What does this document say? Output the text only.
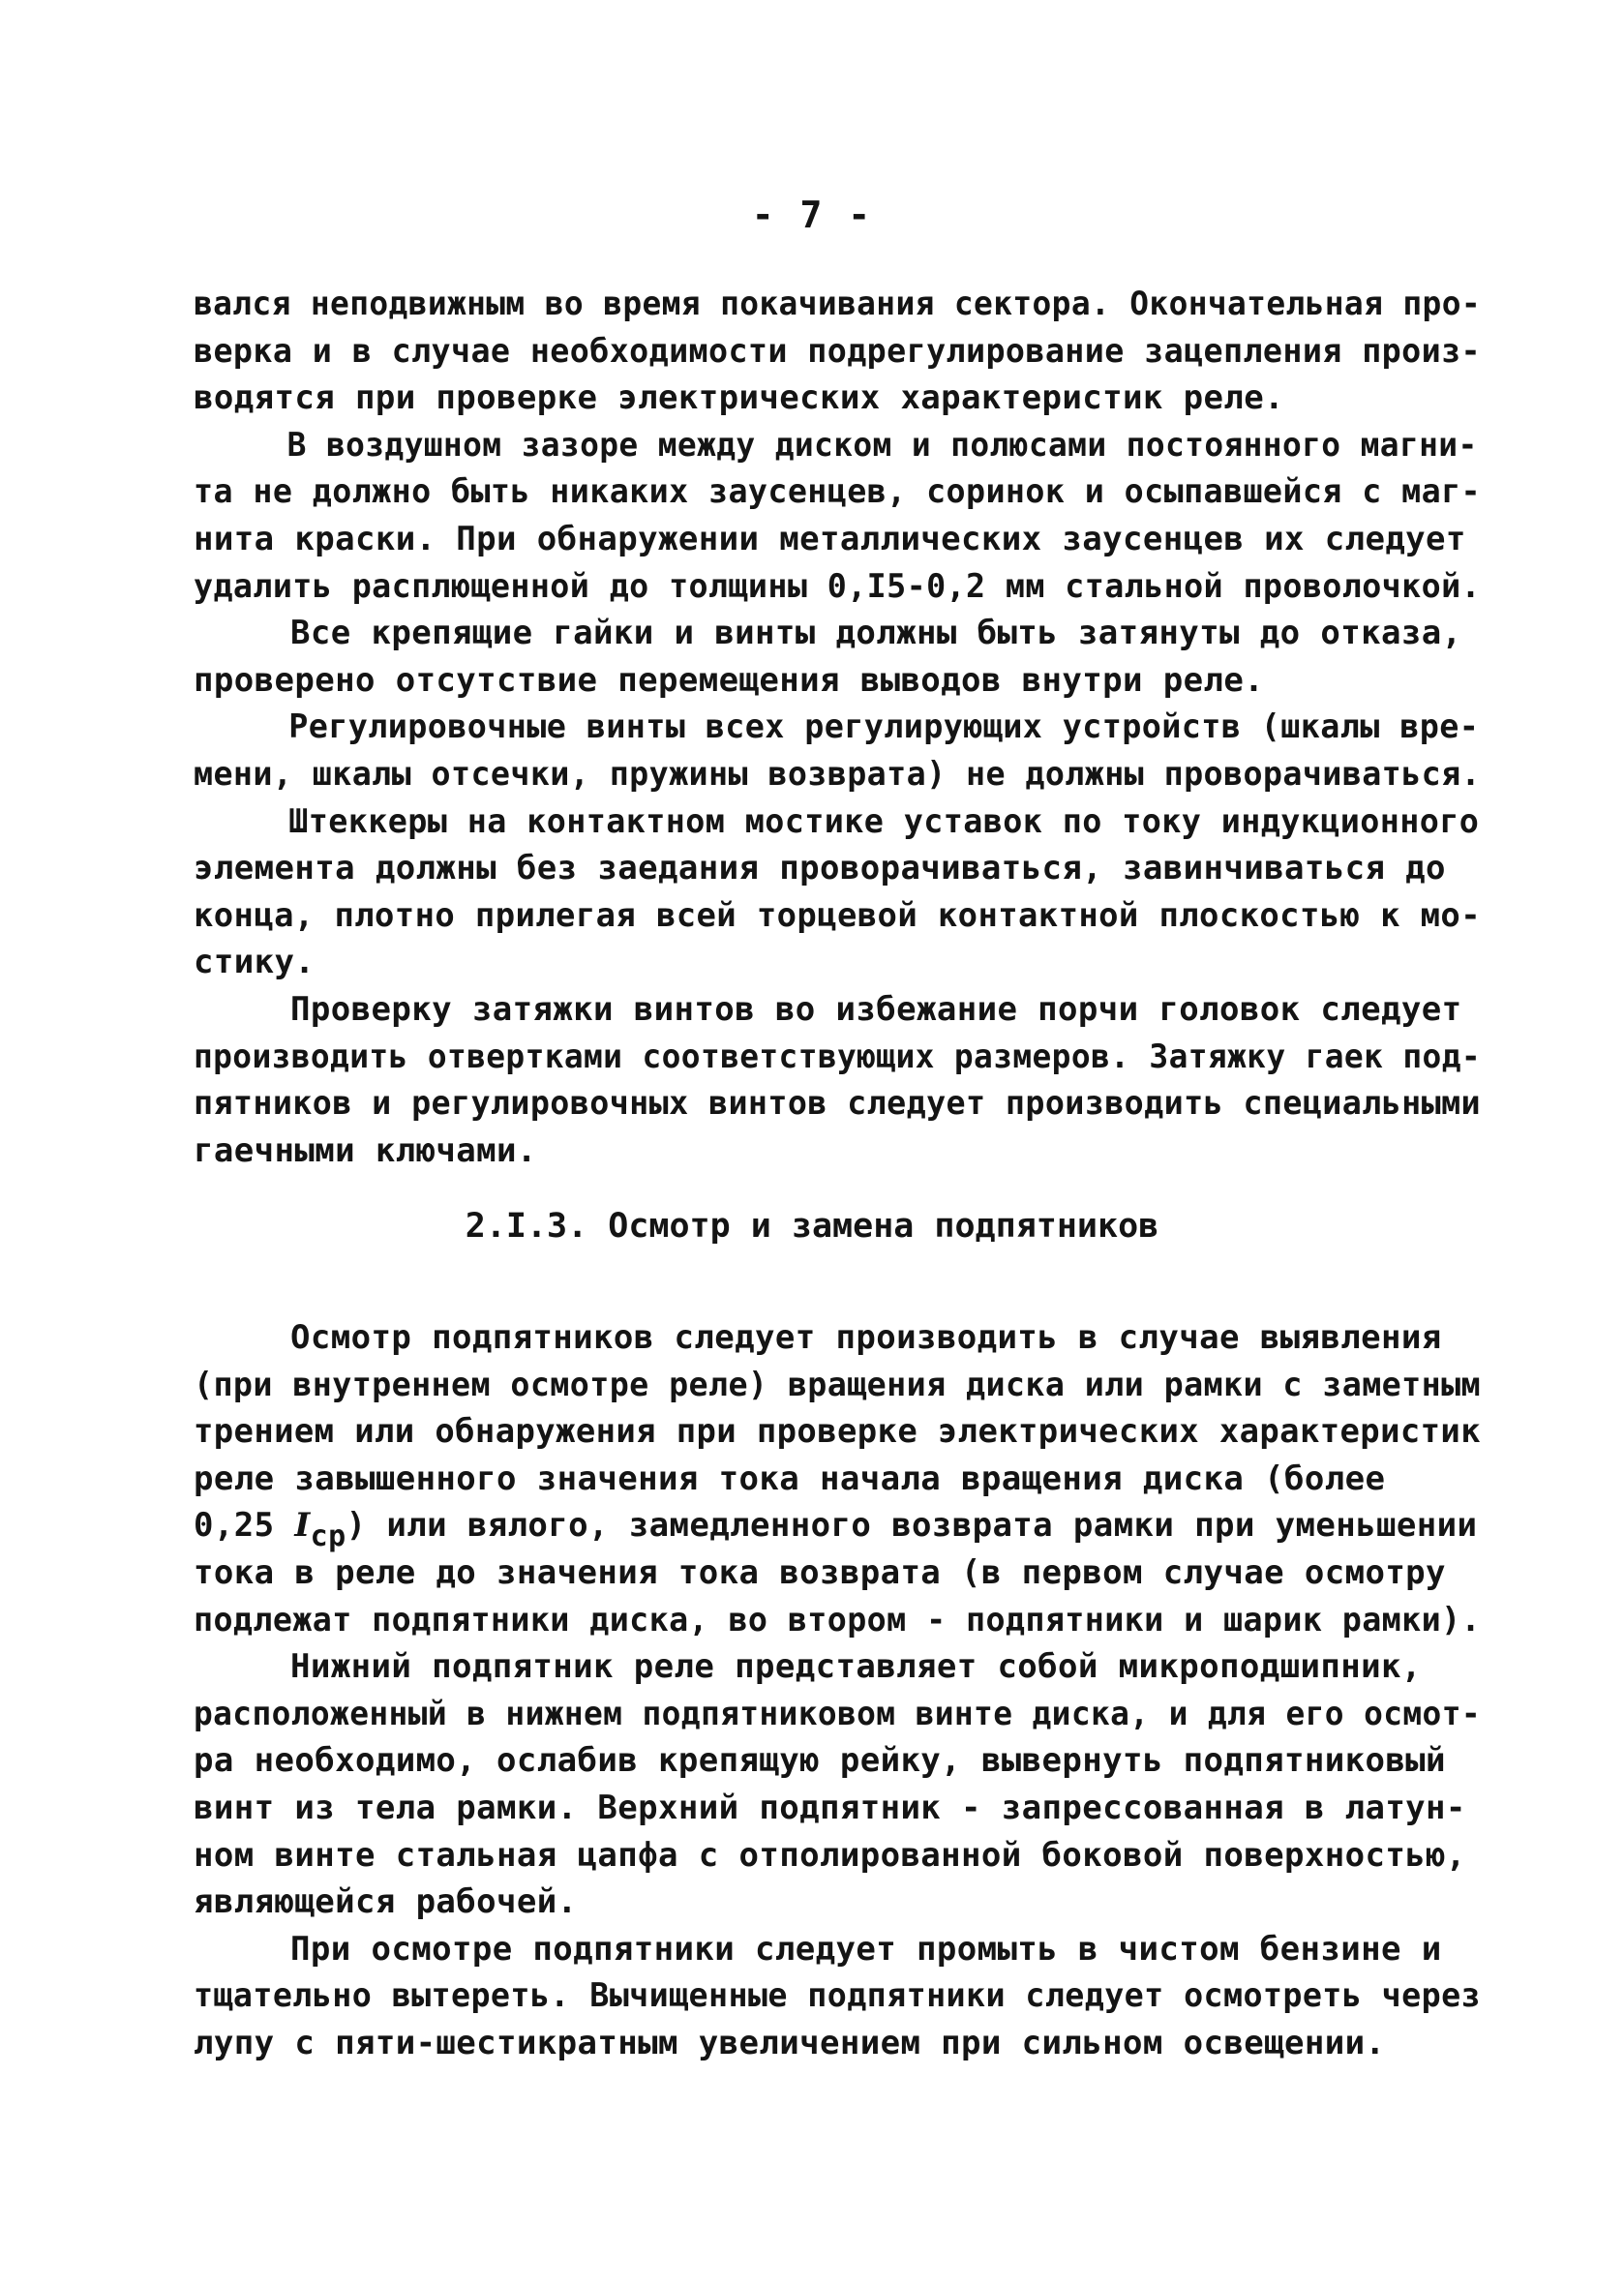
- 7 -
вался неподвижным во время покачивания сектора. Окончательная про-
верка и в случае необходимости подрегулирование зацепления произ-
водятся при проверке электрических характеристик реле.
В воздушном зазоре между диском и полюсами постоянного магни-
та не должно быть никаких заусенцев, соринок и осыпавшейся с маг-
нита краски. При обнаружении металлических заусенцев их следует
удалить расплющенной до толщины 0,I5-0,2 мм стальной проволочкой.
Все крепящие гайки и винты должны быть затянуты до отказа,
проверено отсутствие перемещения выводов внутри реле.
Регулировочные винты всех регулирующих устройств (шкалы вре-
мени, шкалы отсечки, пружины возврата) не должны проворачиваться.
Штеккеры на контактном мостике уставок по току индукционного
элемента должны без заедания проворачиваться, завинчиваться до
конца, плотно прилегая всей торцевой контактной плоскостью к мо-
стику.
Проверку затяжки винтов во избежание порчи головок следует
производить отвертками соответствующих размеров. Затяжку гаек под-
пятников и регулировочных винтов следует производить специальными
гаечными ключами.
2.I.3. Осмотр и замена подпятников
Осмотр подпятников следует производить в случае выявления
(при внутреннем осмотре реле) вращения диска или рамки с заметным
трением или обнаружения при проверке электрических характеристик
реле завышенного значения тока начала вращения диска (более
0,25 $I_{ср}$) или вялого, замедленного возврата рамки при уменьшении
тока в реле до значения тока возврата (в первом случае осмотру
подлежат подпятники диска, во втором - подпятники и шарик рамки).
Нижний подпятник реле представляет собой микроподшипник,
расположенный в нижнем подпятниковом винте диска, и для его осмот-
ра необходимо, ослабив крепящую рейку, вывернуть подпятниковый
винт из тела рамки. Верхний подпятник - запрессованная в латун-
ном винте стальная цапфа с отполированной боковой поверхностью,
являющейся рабочей.
При осмотре подпятники следует промыть в чистом бензине и
тщательно вытереть. Вычищенные подпятники следует осмотреть через
лупу с пяти-шестикратным увеличением при сильном освещении.
